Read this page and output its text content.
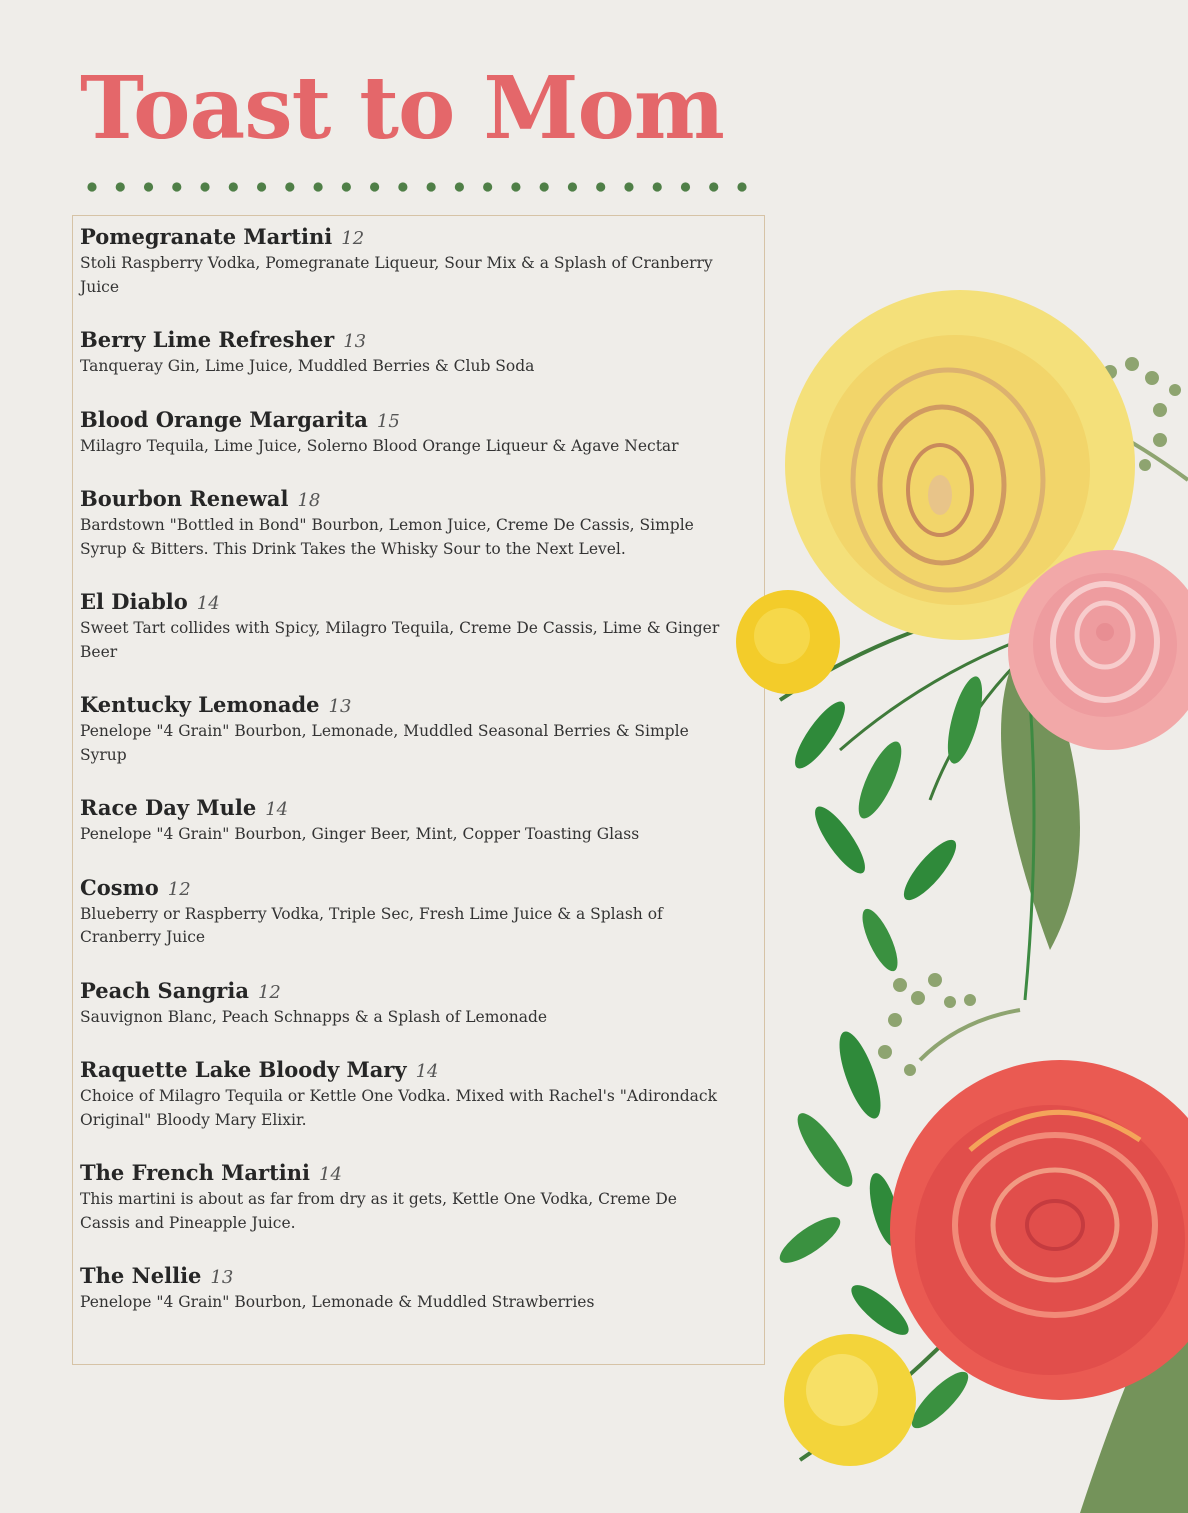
Toast to Mom
Pomegranate Martini 12

Stoli Raspberry Vodka, Pomegranate Liqueur, Sour Mix & a Splash of Cranberry Juice

Berry Lime Refresher 13

Tanqueray Gin, Lime Juice, Muddled Berries & Club Soda

Blood Orange Margarita 15

Milagro Tequila, Lime Juice, Solerno Blood Orange Liqueur & Agave Nectar

Bourbon Renewal 18

Bardstown "Bottled in Bond" Bourbon, Lemon Juice, Creme De Cassis, Simple Syrup & Bitters. This Drink Takes the Whisky Sour to the Next Level.

El Diablo 14

Sweet Tart collides with Spicy, Milagro Tequila, Creme De Cassis, Lime & Ginger Beer

Kentucky Lemonade 13

Penelope "4 Grain" Bourbon, Lemonade, Muddled Seasonal Berries & Simple Syrup

Race Day Mule 14

Penelope "4 Grain" Bourbon, Ginger Beer, Mint, Copper Toasting Glass

Cosmo 12

Blueberry or Raspberry Vodka, Triple Sec, Fresh Lime Juice & a Splash of Cranberry Juice

Peach Sangria 12

Sauvignon Blanc, Peach Schnapps & a Splash of Lemonade

Raquette Lake Bloody Mary 14

Choice of Milagro Tequila or Kettle One Vodka. Mixed with Rachel's "Adirondack Original" Bloody Mary Elixir.

The French Martini 14

This martini is about as far from dry as it gets, Kettle One Vodka, Creme De Cassis and Pineapple Juice.

The Nellie 13

Penelope "4 Grain" Bourbon, Lemonade & Muddled Strawberries
